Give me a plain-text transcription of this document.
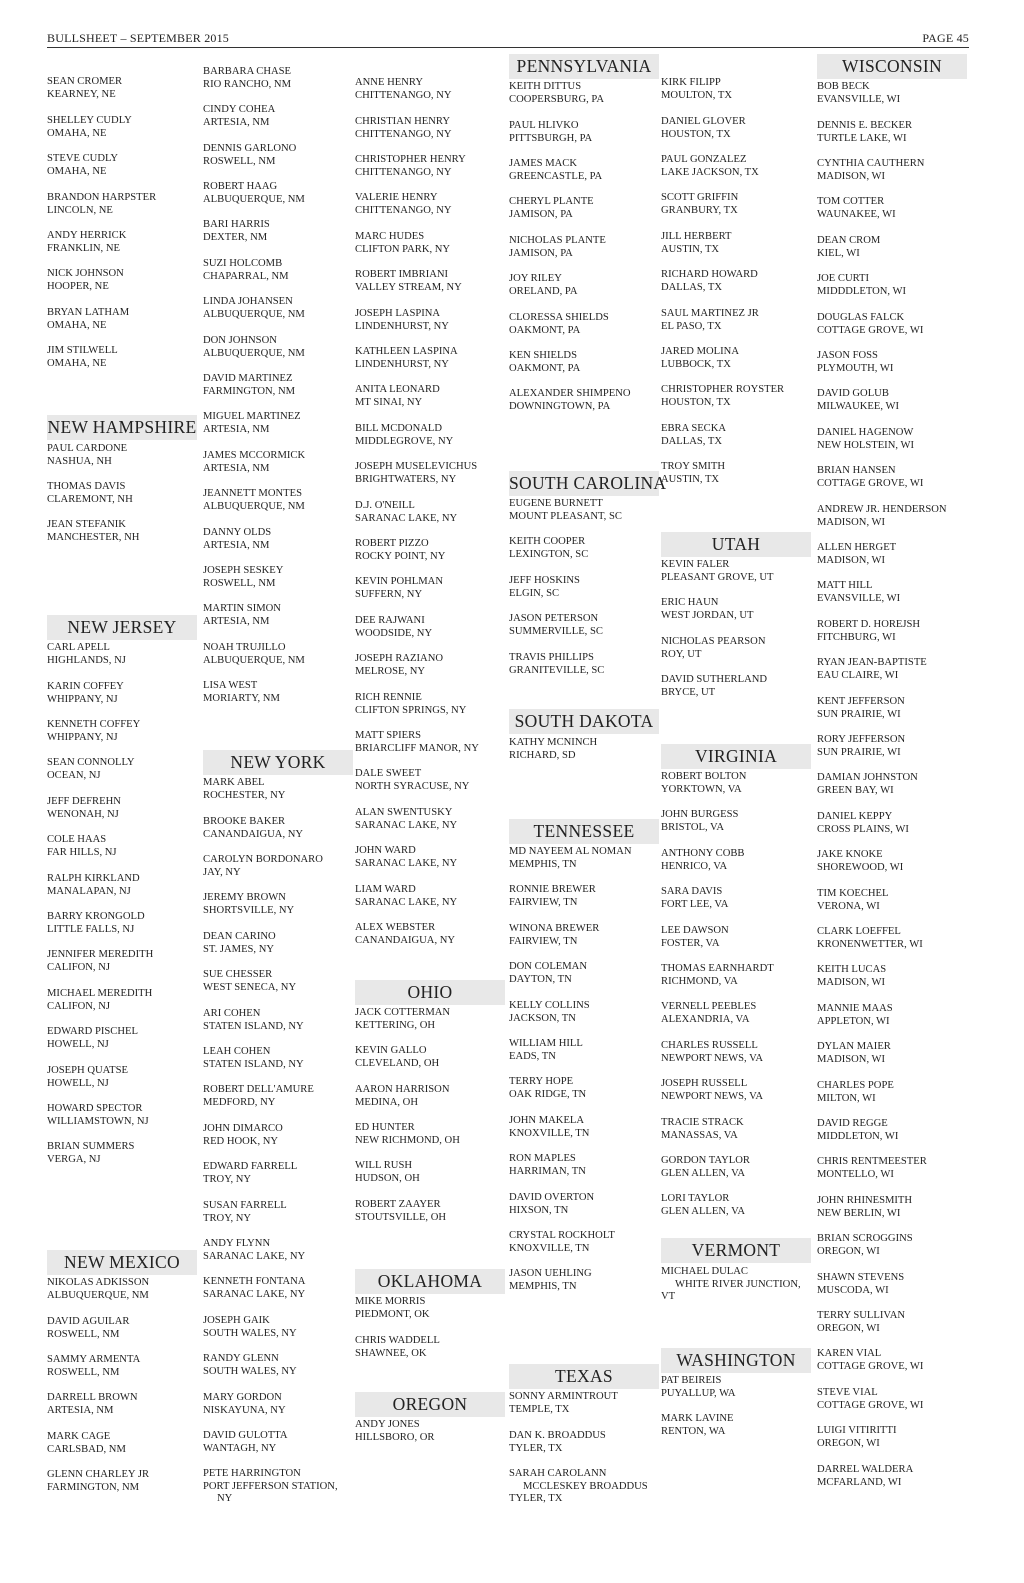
BULLSHEET – SEPTEMBER 2015	PAGE 45
SEAN CROMER
KEARNEY, NE
SHELLEY CUDLY
OMAHA, NE
STEVE CUDLY
OMAHA, NE
BRANDON HARPSTER
LINCOLN, NE
ANDY HERRICK
FRANKLIN, NE
NICK JOHNSON
HOOPER, NE
BRYAN LATHAM
OMAHA, NE
JIM STILWELL
OMAHA, NE
NEW HAMPSHIRE
PAUL CARDONE
NASHUA, NH
THOMAS DAVIS
CLAREMONT, NH
JEAN STEFANIK
MANCHESTER, NH
NEW JERSEY
CARL APELL
HIGHLANDS, NJ
KARIN COFFEY
WHIPPANY, NJ
KENNETH COFFEY
WHIPPANY, NJ
SEAN CONNOLLY
OCEAN, NJ
JEFF DEFREHN
WENONAH, NJ
COLE HAAS
FAR HILLS, NJ
RALPH KIRKLAND
MANALAPAN, NJ
BARRY KRONGOLD
LITTLE FALLS, NJ
JENNIFER MEREDITH
CALIFON, NJ
MICHAEL MEREDITH
CALIFON, NJ
EDWARD PISCHEL
HOWELL, NJ
JOSEPH QUATSE
HOWELL, NJ
HOWARD SPECTOR
WILLIAMSTOWN, NJ
BRIAN SUMMERS
VERGA, NJ
NEW MEXICO
NIKOLAS ADKISSON
ALBUQUERQUE, NM
DAVID AGUILAR
ROSWELL, NM
SAMMY ARMENTA
ROSWELL, NM
DARRELL BROWN
ARTESIA, NM
MARK CAGE
CARLSBAD, NM
GLENN CHARLEY JR
FARMINGTON, NM
BARBARA CHASE
RIO RANCHO, NM
CINDY COHEA
ARTESIA, NM
DENNIS GARLONO
ROSWELL, NM
ROBERT HAAG
ALBUQUERQUE, NM
BARI HARRIS
DEXTER, NM
SUZI HOLCOMB
CHAPARRAL, NM
LINDA JOHANSEN
ALBUQUERQUE, NM
DON JOHNSON
ALBUQUERQUE, NM
DAVID MARTINEZ
FARMINGTON, NM
MIGUEL MARTINEZ
ARTESIA, NM
JAMES MCCORMICK
ARTESIA, NM
JEANNETT MONTES
ALBUQUERQUE, NM
DANNY OLDS
ARTESIA, NM
JOSEPH SESKEY
ROSWELL, NM
MARTIN SIMON
ARTESIA, NM
NOAH TRUJILLO
ALBUQUERQUE, NM
LISA WEST
MORIARTY, NM
NEW YORK
MARK ABEL
ROCHESTER, NY
BROOKE BAKER
CANANDAIGUA, NY
CAROLYN BORDONARO
JAY, NY
JEREMY BROWN
SHORTSVILLE, NY
DEAN CARINO
ST. JAMES, NY
SUE CHESSER
WEST SENECA, NY
ARI COHEN
STATEN ISLAND, NY
LEAH COHEN
STATEN ISLAND, NY
ROBERT DELL'AMURE
MEDFORD, NY
JOHN DIMARCO
RED HOOK, NY
EDWARD FARRELL
TROY, NY
SUSAN FARRELL
TROY, NY
ANDY FLYNN
SARANAC LAKE, NY
KENNETH FONTANA
SARANAC LAKE, NY
JOSEPH GAIK
SOUTH WALES, NY
RANDY GLENN
SOUTH WALES, NY
MARY GORDON
NISKAYUNA, NY
DAVID GULOTTA
WANTAGH, NY
PETE HARRINGTON
PORT JEFFERSON STATION,
NY
ANNE HENRY
CHITTENANGO, NY
CHRISTIAN HENRY
CHITTENANGO, NY
CHRISTOPHER HENRY
CHITTENANGO, NY
VALERIE HENRY
CHITTENANGO, NY
MARC HUDES
CLIFTON PARK, NY
ROBERT IMBRIANI
VALLEY STREAM, NY
JOSEPH LASPINA
LINDENHURST, NY
KATHLEEN LASPINA
LINDENHURST, NY
ANITA LEONARD
MT SINAI, NY
BILL MCDONALD
MIDDLEGROVE, NY
JOSEPH MUSELEVICHUS
BRIGHTWATERS, NY
D.J. O'NEILL
SARANAC LAKE, NY
ROBERT PIZZO
ROCKY POINT, NY
KEVIN POHLMAN
SUFFERN, NY
DEE RAJWANI
WOODSIDE, NY
JOSEPH RAZIANO
MELROSE, NY
RICH RENNIE
CLIFTON SPRINGS, NY
MATT SPIERS
BRIARCLIFF MANOR, NY
DALE SWEET
NORTH SYRACUSE, NY
ALAN SWENTUSKY
SARANAC LAKE, NY
JOHN WARD
SARANAC LAKE, NY
LIAM WARD
SARANAC LAKE, NY
ALEX WEBSTER
CANANDAIGUA, NY
OHIO
JACK COTTERMAN
KETTERING, OH
KEVIN GALLO
CLEVELAND, OH
AARON HARRISON
MEDINA, OH
ED HUNTER
NEW RICHMOND, OH
WILL RUSH
HUDSON, OH
ROBERT ZAAYER
STOUTSVILLE, OH
OKLAHOMA
MIKE MORRIS
PIEDMONT, OK
CHRIS WADDELL
SHAWNEE, OK
OREGON
ANDY JONES
HILLSBORO, OR
PENNSYLVANIA
KEITH DITTUS
COOPERSBURG, PA
PAUL HLIVKO
PITTSBURGH, PA
JAMES MACK
GREENCASTLE, PA
CHERYL PLANTE
JAMISON, PA
NICHOLAS PLANTE
JAMISON, PA
JOY RILEY
ORELAND, PA
CLORESSA SHIELDS
OAKMONT, PA
KEN SHIELDS
OAKMONT, PA
ALEXANDER SHIMPENO
DOWNINGTOWN, PA
SOUTH CAROLINA
EUGENE BURNETT
MOUNT PLEASANT, SC
KEITH COOPER
LEXINGTON, SC
JEFF HOSKINS
ELGIN, SC
JASON PETERSON
SUMMERVILLE, SC
TRAVIS PHILLIPS
GRANITEVILLE, SC
SOUTH DAKOTA
KATHY MCNINCH
RICHARD, SD
TENNESSEE
MD NAYEEM AL NOMAN
MEMPHIS, TN
RONNIE BREWER
FAIRVIEW, TN
WINONA BREWER
FAIRVIEW, TN
DON COLEMAN
DAYTON, TN
KELLY COLLINS
JACKSON, TN
WILLIAM HILL
EADS, TN
TERRY HOPE
OAK RIDGE, TN
JOHN MAKELA
KNOXVILLE, TN
RON MAPLES
HARRIMAN, TN
DAVID OVERTON
HIXSON, TN
CRYSTAL ROCKHOLT
KNOXVILLE, TN
JASON UEHLING
MEMPHIS, TN
TEXAS
SONNY ARMINTROUT
TEMPLE, TX
DAN K. BROADDUS
TYLER, TX
SARAH CAROLANN
MCCLESKEY BROADDUS
TYLER, TX
KIRK FILIPP
MOULTON, TX
DANIEL GLOVER
HOUSTON, TX
PAUL GONZALEZ
LAKE JACKSON, TX
SCOTT GRIFFIN
GRANBURY, TX
JILL HERBERT
AUSTIN, TX
RICHARD HOWARD
DALLAS, TX
SAUL MARTINEZ JR
EL PASO, TX
JARED MOLINA
LUBBOCK, TX
CHRISTOPHER ROYSTER
HOUSTON, TX
EBRA SECKA
DALLAS, TX
TROY SMITH
AUSTIN, TX
UTAH
KEVIN FALER
PLEASANT GROVE, UT
ERIC HAUN
WEST JORDAN, UT
NICHOLAS PEARSON
ROY, UT
DAVID SUTHERLAND
BRYCE, UT
VIRGINIA
ROBERT BOLTON
YORKTOWN, VA
JOHN BURGESS
BRISTOL, VA
ANTHONY COBB
HENRICO, VA
SARA DAVIS
FORT LEE, VA
LEE DAWSON
FOSTER, VA
THOMAS EARNHARDT
RICHMOND, VA
VERNELL PEEBLES
ALEXANDRIA, VA
CHARLES RUSSELL
NEWPORT NEWS, VA
JOSEPH RUSSELL
NEWPORT NEWS, VA
TRACIE STRACK
MANASSAS, VA
GORDON TAYLOR
GLEN ALLEN, VA
LORI TAYLOR
GLEN ALLEN, VA
VERMONT
MICHAEL DULAC
WHITE RIVER JUNCTION,
VT
WASHINGTON
PAT BEIREIS
PUYALLUP, WA
MARK LAVINE
RENTON, WA
WISCONSIN
BOB BECK
EVANSVILLE, WI
DENNIS E. BECKER
TURTLE LAKE, WI
CYNTHIA CAUTHERN
MADISON, WI
TOM COTTER
WAUNAKEE, WI
DEAN CROM
KIEL, WI
JOE CURTI
MIDDDLETON, WI
DOUGLAS FALCK
COTTAGE GROVE, WI
JASON FOSS
PLYMOUTH, WI
DAVID GOLUB
MILWAUKEE, WI
DANIEL HAGENOW
NEW HOLSTEIN, WI
BRIAN HANSEN
COTTAGE GROVE, WI
ANDREW JR. HENDERSON
MADISON, WI
ALLEN HERGET
MADISON, WI
MATT HILL
EVANSVILLE, WI
ROBERT D. HOREJSH
FITCHBURG, WI
RYAN JEAN-BAPTISTE
EAU CLAIRE, WI
KENT JEFFERSON
SUN PRAIRIE, WI
RORY JEFFERSON
SUN PRAIRIE, WI
DAMIAN JOHNSTON
GREEN BAY, WI
DANIEL KEPPY
CROSS PLAINS, WI
JAKE KNOKE
SHOREWOOD, WI
TIM KOECHEL
VERONA, WI
CLARK LOEFFEL
KRONENWETTER, WI
KEITH LUCAS
MADISON, WI
MANNIE MAAS
APPLETON, WI
DYLAN MAIER
MADISON, WI
CHARLES POPE
MILTON, WI
DAVID REGGE
MIDDLETON, WI
CHRIS RENTMEESTER
MONTELLO, WI
JOHN RHINESMITH
NEW BERLIN, WI
BRIAN SCROGGINS
OREGON, WI
SHAWN STEVENS
MUSCODA, WI
TERRY SULLIVAN
OREGON, WI
KAREN VIAL
COTTAGE GROVE, WI
STEVE VIAL
COTTAGE GROVE, WI
LUIGI VITIRITTI
OREGON, WI
DARREL WALDERA
MCFARLAND, WI
